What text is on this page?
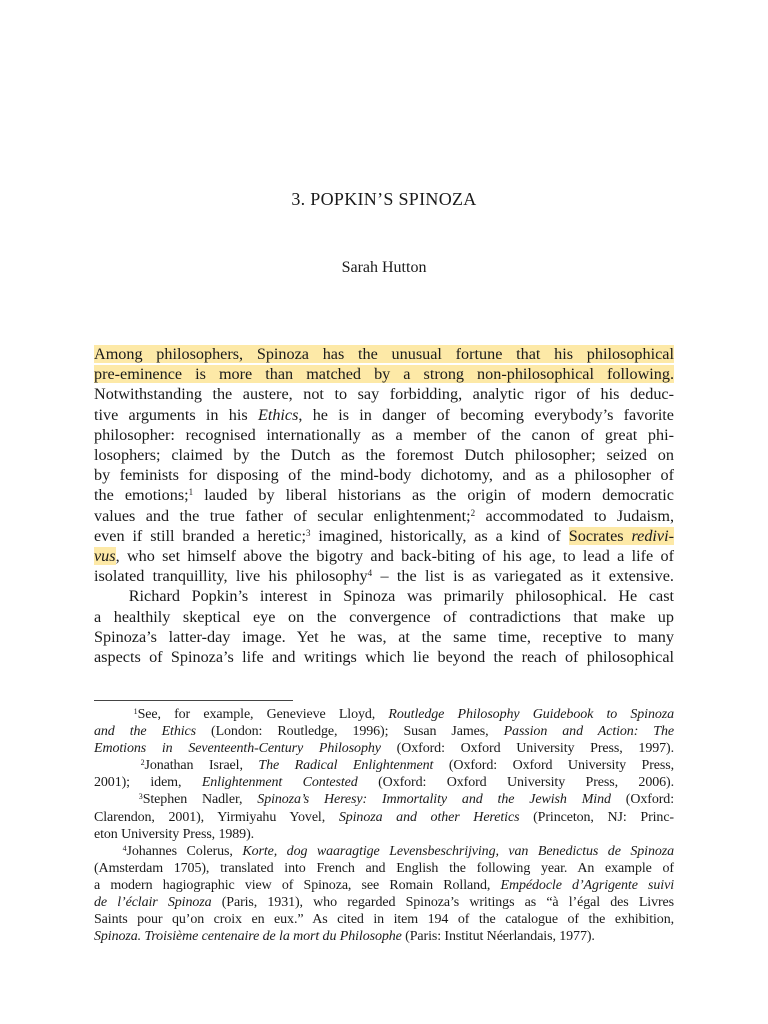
3. POPKIN’S SPINOZA
Sarah Hutton
Among philosophers, Spinoza has the unusual fortune that his philosophical
pre-eminence is more than matched by a strong non-philosophical following.
Notwithstanding the austere, not to say forbidding, analytic rigor of his deduc-
tive arguments in his Ethics, he is in danger of becoming everybody’s favorite
philosopher: recognised internationally as a member of the canon of great phi-
losophers; claimed by the Dutch as the foremost Dutch philosopher; seized on
by feminists for disposing of the mind-body dichotomy, and as a philosopher of
the emotions;$^1$ lauded by liberal historians as the origin of modern democratic
values and the true father of secular enlightenment;$^2$ accommodated to Judaism,
even if still branded a heretic;$^3$ imagined, historically, as a kind of Socrates redivi-
vus, who set himself above the bigotry and back-biting of his age, to lead a life of
isolated tranquillity, live his philosophy$^4$ – the list is as variegated as it extensive.
Richard Popkin’s interest in Spinoza was primarily philosophical. He cast
a healthily skeptical eye on the convergence of contradictions that make up
Spinoza’s latter-day image. Yet he was, at the same time, receptive to many
aspects of Spinoza’s life and writings which lie beyond the reach of philosophical
$^1$See, for example, Genevieve Lloyd, Routledge Philosophy Guidebook to Spinoza
and the Ethics (London: Routledge, 1996); Susan James, Passion and Action: The
Emotions in Seventeenth-Century Philosophy (Oxford: Oxford University Press, 1997).
$^2$Jonathan Israel, The Radical Enlightenment (Oxford: Oxford University Press,
2001); idem, Enlightenment Contested (Oxford: Oxford University Press, 2006).
$^3$Stephen Nadler, Spinoza’s Heresy: Immortality and the Jewish Mind (Oxford:
Clarendon, 2001), Yirmiyahu Yovel, Spinoza and other Heretics (Princeton, NJ: Princ-
eton University Press, 1989).
$^4$Johannes Colerus, Korte, dog waaragtige Levensbeschrijving, van Benedictus de Spinoza
(Amsterdam 1705), translated into French and English the following year. An example of
a modern hagiographic view of Spinoza, see Romain Rolland, Empédocle d’Agrigente suivi
de l’éclair Spinoza (Paris, 1931), who regarded Spinoza’s writings as “à l’égal des Livres
Saints pour qu’on croix en eux.” As cited in item 194 of the catalogue of the exhibition,
Spinoza. Troisième centenaire de la mort du Philosophe (Paris: Institut Néerlandais, 1977).
